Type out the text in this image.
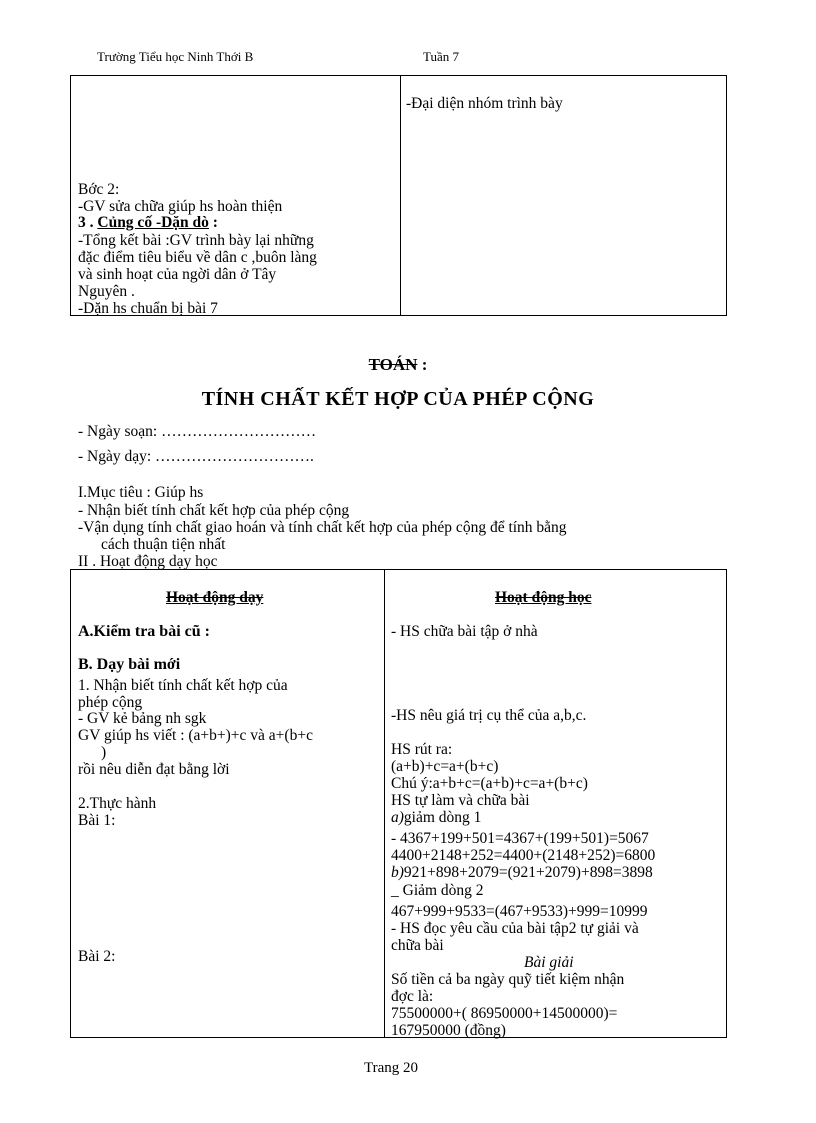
Trường Tiểu học Ninh Thới B	Tuần 7
-Đại diện nhóm trình bày
Bớc 2:
-GV sửa chữa giúp hs hoàn thiện
3 . Củng cố -Dặn dò :
-Tổng kết bài :GV trình bày lại những
đặc điểm tiêu biểu về dân c ,buôn làng
và sinh hoạt của ngời dân ở Tây
Nguyên .
-Dặn hs chuẩn bị bài 7
TOÁN :
TÍNH CHẤT KẾT HỢP CỦA PHÉP CỘNG
- Ngày soạn: …………………………
- Ngày dạy: ………………………….
I.Mục tiêu : Giúp hs
- Nhận biết tính chất kết hợp của phép cộng
-Vận dụng tính chất giao hoán và tính chất kết hợp của phép cộng để tính bằng
cách thuận tiện nhất
II . Hoạt động dạy học
Hoạt động dạy	Hoạt động học
A.Kiểm tra bài cũ :
B. Dạy bài mới
1. Nhận biết tính chất kết hợp của
phép cộng
- GV kẻ bảng nh sgk
GV giúp hs viết : (a+b+)+c và a+(b+c
)
rồi nêu diễn đạt bằng lời
2.Thực hành
Bài 1:
Bài 2:
- HS chữa bài tập ở nhà
-HS nêu giá trị cụ thể của a,b,c.
HS rút ra:
(a+b)+c=a+(b+c)
Chú ý:a+b+c=(a+b)+c=a+(b+c)
HS tự làm và chữa bài
a)giảm dòng 1
- 4367+199+501=4367+(199+501)=5067
4400+2148+252=4400+(2148+252)=6800
b)921+898+2079=(921+2079)+898=3898
_ Giảm dòng 2
467+999+9533=(467+9533)+999=10999
- HS đọc yêu cầu của bài tập2 tự giải và
chữa bài
Bài giải
Số tiền cả ba ngày quỹ tiết kiệm nhận
đợc là:
75500000+( 86950000+14500000)=
167950000 (đồng)
Trang 20
